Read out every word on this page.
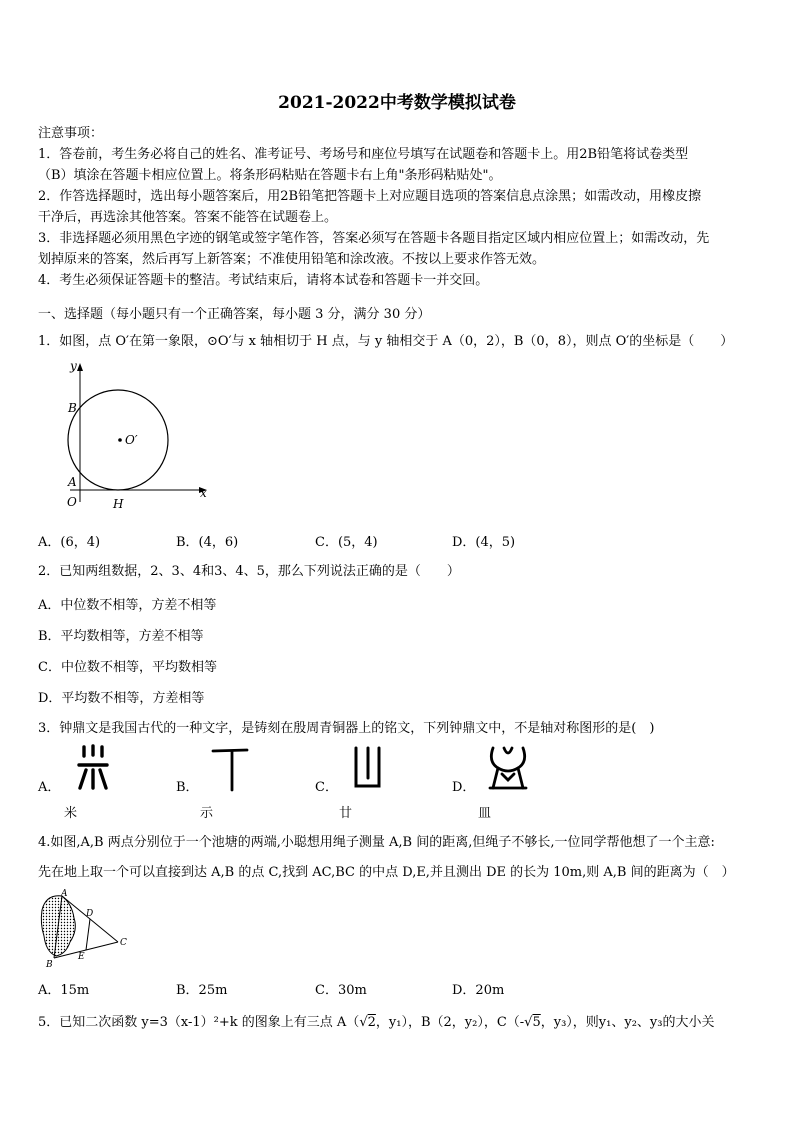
2021-2022中考数学模拟试卷
注意事项：
1．答卷前，考生务必将自己的姓名、准考证号、考场号和座位号填写在试题卷和答题卡上。用2B铅笔将试卷类型
（B）填涂在答题卡相应位置上。将条形码粘贴在答题卡右上角"条形码粘贴处"。
2．作答选择题时，选出每小题答案后，用2B铅笔把答题卡上对应题目选项的答案信息点涂黑；如需改动，用橡皮擦
干净后，再选涂其他答案。答案不能答在试题卷上。
3．非选择题必须用黑色字迹的钢笔或签字笔作答，答案必须写在答题卡各题目指定区域内相应位置上；如需改动，先
划掉原来的答案，然后再写上新答案；不准使用铅笔和涂改液。不按以上要求作答无效。
4．考生必须保证答题卡的整洁。考试结束后，请将本试卷和答题卡一并交回。
一、选择题（每小题只有一个正确答案，每小题 3 分，满分 30 分）
1．如图，点 O′在第一象限，⊙O′与 x 轴相切于 H 点，与 y 轴相交于 A（0，2），B（0，8），则点 O′的坐标是（　　）
y
x
B
A
O	H
O′
A．(6，4)	B．(4，6)	C．(5，4)	D．(4，5)
2．已知两组数据，2、3、4和3、4、5，那么下列说法正确的是（　　）
A．中位数不相等，方差不相等
B．平均数相等，方差不相等
C．中位数不相等，平均数相等
D．平均数不相等，方差相等
3．钟鼎文是我国古代的一种文字，是铸刻在殷周青铜器上的铭文，下列钟鼎文中，不是轴对称图形的是(　)
A．
米
B．
示
C．
廿
D．
皿
4.如图,A,B 两点分别位于一个池塘的两端,小聪想用绳子测量 A,B 间的距离,但绳子不够长,一位同学帮他想了一个主意:
先在地上取一个可以直接到达 A,B 的点 C,找到 AC,BC 的中点 D,E,并且测出 DE 的长为 10m,则 A,B 间的距离为（　）
A
B
C
D
E
A．15m	B．25m	C．30m	D．20m
5．已知二次函数 y=3（x-1）²+k 的图象上有三点 A（√2，y₁），B（2，y₂），C（-√5，y₃），则y₁、y₂、y₃的大小关
